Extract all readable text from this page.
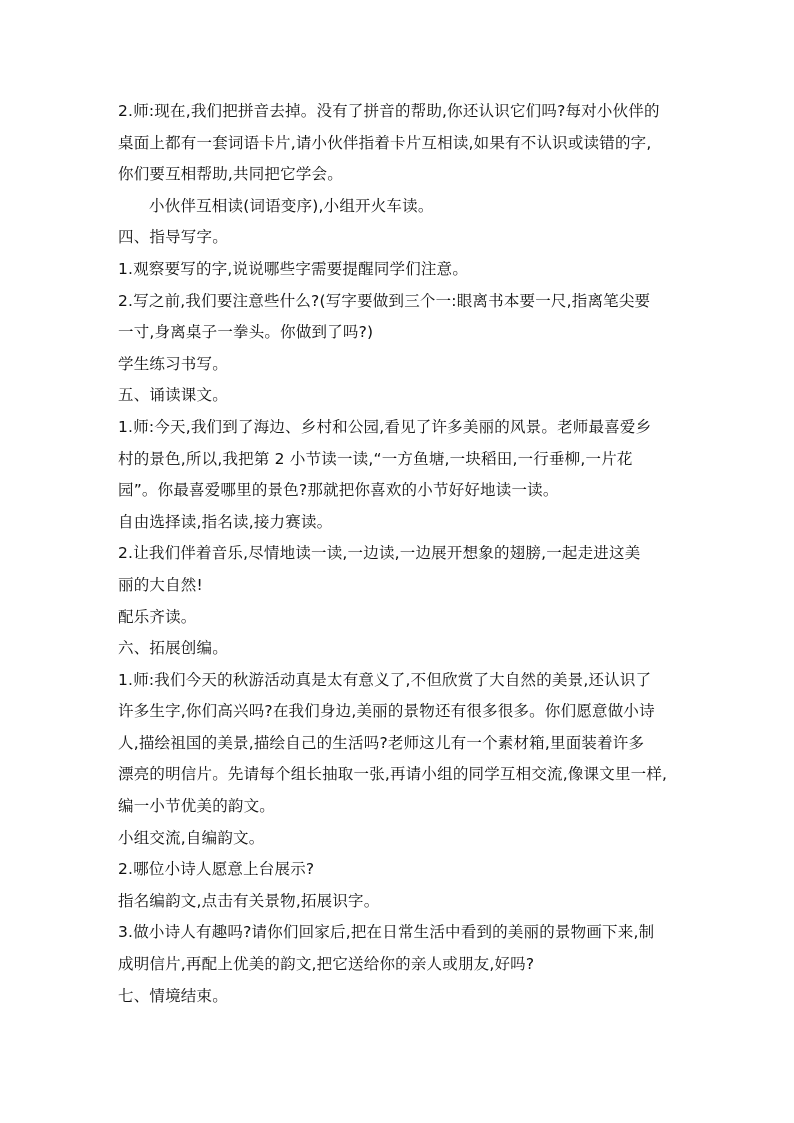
2.师:现在,我们把拼音去掉。没有了拼音的帮助,你还认识它们吗?每对小伙伴的
桌面上都有一套词语卡片,请小伙伴指着卡片互相读,如果有不认识或读错的字,
你们要互相帮助,共同把它学会。
小伙伴互相读(词语变序),小组开火车读。
四、指导写字。
1.观察要写的字,说说哪些字需要提醒同学们注意。
2.写之前,我们要注意些什么?(写字要做到三个一:眼离书本要一尺,指离笔尖要
一寸,身离桌子一拳头。你做到了吗?)
学生练习书写。
五、诵读课文。
1.师:今天,我们到了海边、乡村和公园,看见了许多美丽的风景。老师最喜爱乡
村的景色,所以,我把第 2 小节读一读,“一方鱼塘,一块稻田,一行垂柳,一片花
园”。你最喜爱哪里的景色?那就把你喜欢的小节好好地读一读。
自由选择读,指名读,接力赛读。
2.让我们伴着音乐,尽情地读一读,一边读,一边展开想象的翅膀,一起走进这美
丽的大自然!
配乐齐读。
六、拓展创编。
1.师:我们今天的秋游活动真是太有意义了,不但欣赏了大自然的美景,还认识了
许多生字,你们高兴吗?在我们身边,美丽的景物还有很多很多。你们愿意做小诗
人,描绘祖国的美景,描绘自己的生活吗?老师这儿有一个素材箱,里面装着许多
漂亮的明信片。先请每个组长抽取一张,再请小组的同学互相交流,像课文里一样,
编一小节优美的韵文。
小组交流,自编韵文。
2.哪位小诗人愿意上台展示?
指名编韵文,点击有关景物,拓展识字。
3.做小诗人有趣吗?请你们回家后,把在日常生活中看到的美丽的景物画下来,制
成明信片,再配上优美的韵文,把它送给你的亲人或朋友,好吗?
七、情境结束。
